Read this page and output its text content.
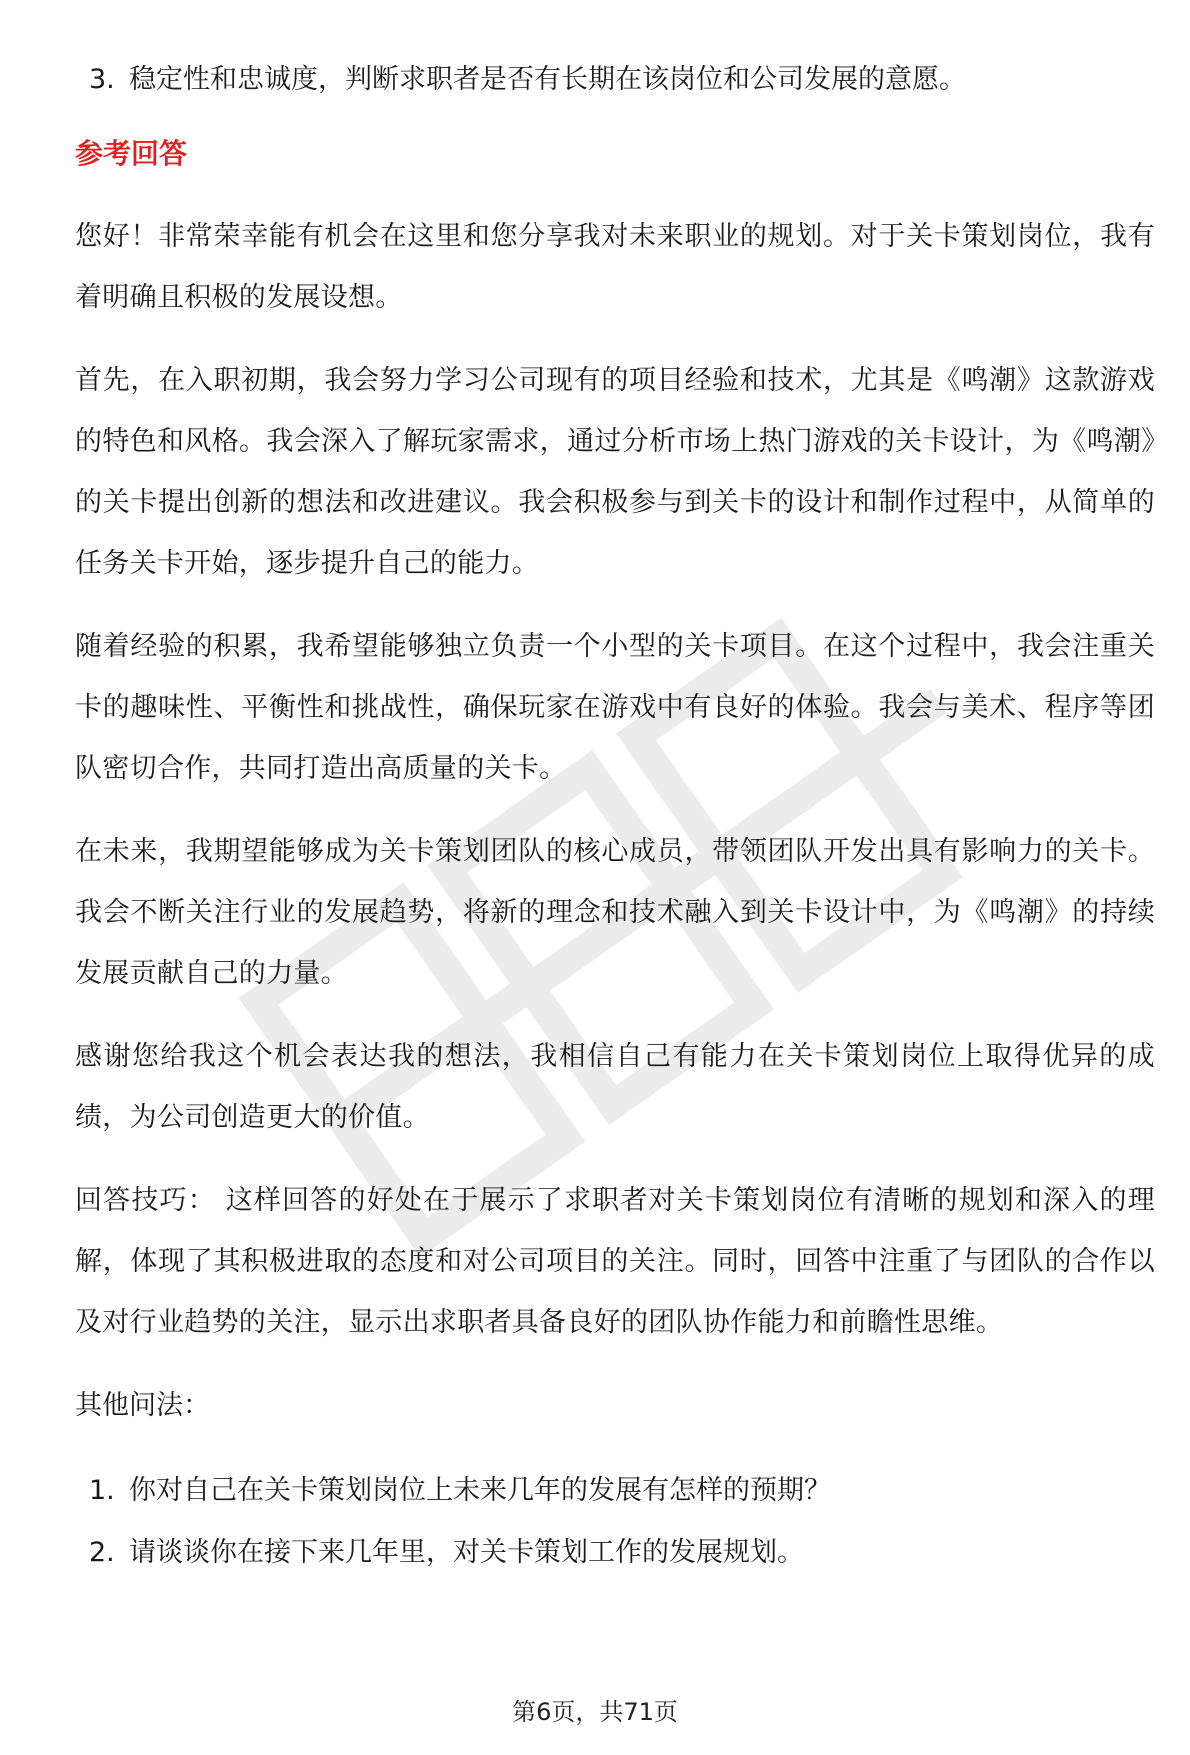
3. 稳定性和忠诚度，判断求职者是否有长期在该岗位和公司发展的意愿。
参考回答

您好！非常荣幸能有机会在这里和您分享我对未来职业的规划。对于关卡策划岗位，我有着明确且积极的发展设想。

首先，在入职初期，我会努力学习公司现有的项目经验和技术，尤其是《鸣潮》这款游戏的特色和风格。我会深入了解玩家需求，通过分析市场上热门游戏的关卡设计，为《鸣潮》的关卡提出创新的想法和改进建议。我会积极参与到关卡的设计和制作过程中，从简单的任务关卡开始，逐步提升自己的能力。

随着经验的积累，我希望能够独立负责一个小型的关卡项目。在这个过程中，我会注重关卡的趣味性、平衡性和挑战性，确保玩家在游戏中有良好的体验。我会与美术、程序等团队密切合作，共同打造出高质量的关卡。

在未来，我期望能够成为关卡策划团队的核心成员，带领团队开发出具有影响力的关卡。我会不断关注行业的发展趋势，将新的理念和技术融入到关卡设计中，为《鸣潮》的持续发展贡献自己的力量。

感谢您给我这个机会表达我的想法，我相信自己有能力在关卡策划岗位上取得优异的成绩，为公司创造更大的价值。

回答技巧： 这样回答的好处在于展示了求职者对关卡策划岗位有清晰的规划和深入的理解，体现了其积极进取的态度和对公司项目的关注。同时，回答中注重了与团队的合作以及对行业趋势的关注，显示出求职者具备良好的团队协作能力和前瞻性思维。

其他问法：
1. 你对自己在关卡策划岗位上未来几年的发展有怎样的预期？
2. 请谈谈你在接下来几年里，对关卡策划工作的发展规划。
第6页，共71页
